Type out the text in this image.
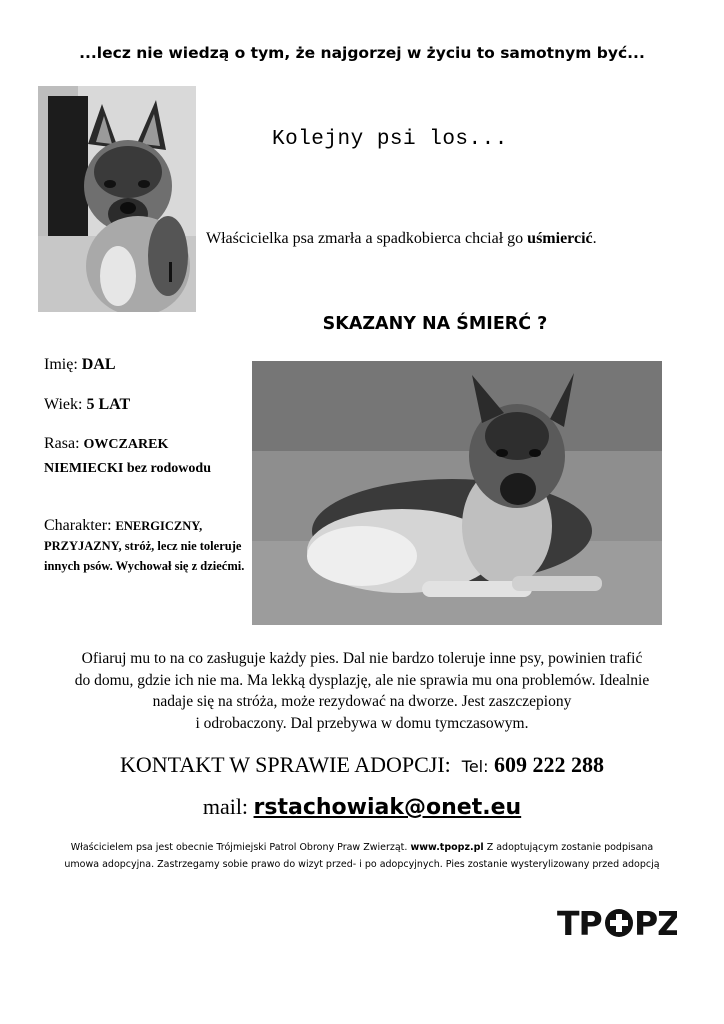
...lecz nie wiedzą o tym, że najgorzej w życiu to samotnym być...
Kolejny psi los...
Właścicielka psa zmarła a spadkobierca chciał go uśmiercić.
SKAZANY NA ŚMIERĆ ?
Imię: DAL
Wiek: 5 LAT
Rasa: OWCZAREK NIEMIECKI bez rodowodu
Charakter: ENERGICZNY, PRZYJAZNY, stróż, lecz nie toleruje innych psów. Wychował się z dziećmi.
Ofiaruj mu to na co zasługuje każdy pies. Dal nie bardzo toleruje inne psy, powinien trafić
do domu, gdzie ich nie ma. Ma lekką dysplazję, ale nie sprawia mu ona problemów. Idealnie
nadaje się na stróża, może rezydować na dworze. Jest zaszczepiony
i odrobaczony. Dal przebywa w domu tymczasowym.
KONTAKT W SPRAWIE ADOPCJI: Tel: 609 222 288
mail: rstachowiak@onet.eu
Właścicielem psa jest obecnie Trójmiejski Patrol Obrony Praw Zwierząt. www.tpopz.pl Z adoptującym zostanie podpisana
umowa adopcyjna. Zastrzegamy sobie prawo do wizyt przed- i po adopcyjnych. Pies zostanie wysterylizowany przed adopcją
TP PZ
